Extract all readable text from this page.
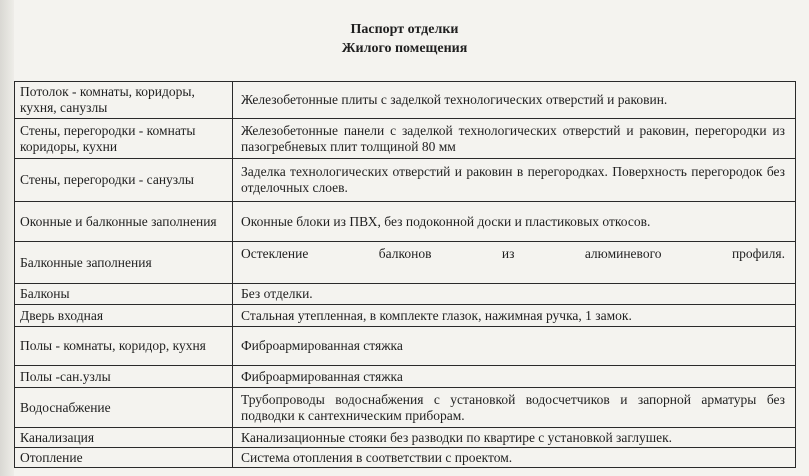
Паспорт отделки
Жилого помещения
Потолок - комнаты, коридоры, кухня, санузлы	Железобетонные плиты с заделкой технологических отверстий и раковин.
Стены, перегородки - комнаты коридоры, кухни	Железобетонные панели с заделкой технологических отверстий и раковин, перегородки из пазогребневых плит толщиной 80 мм
Стены, перегородки - санузлы	Заделка технологических отверстий и раковин в перегородках. Поверхность перегородок без отделочных слоев.
Оконные и балконные заполнения	Оконные блоки из ПВХ, без подоконной доски и пластиковых откосов.
Балконные заполнения	Остекление балконов из алюминевого профиля.

Балконы	Без отделки.
Дверь входная	Стальная утепленная, в комплекте глазок, нажимная ручка, 1 замок.
Полы - комнаты, коридор, кухня	Фиброармированная стяжка
Полы -сан.узлы	Фиброармированная стяжка
Водоснабжение	Трубопроводы водоснабжения с установкой водосчетчиков и запорной арматуры без подводки к сантехническим приборам.
Канализация	Канализационные стояки без разводки по квартире с установкой заглушек.
Отопление	Система отопления в соответствии с проектом.
